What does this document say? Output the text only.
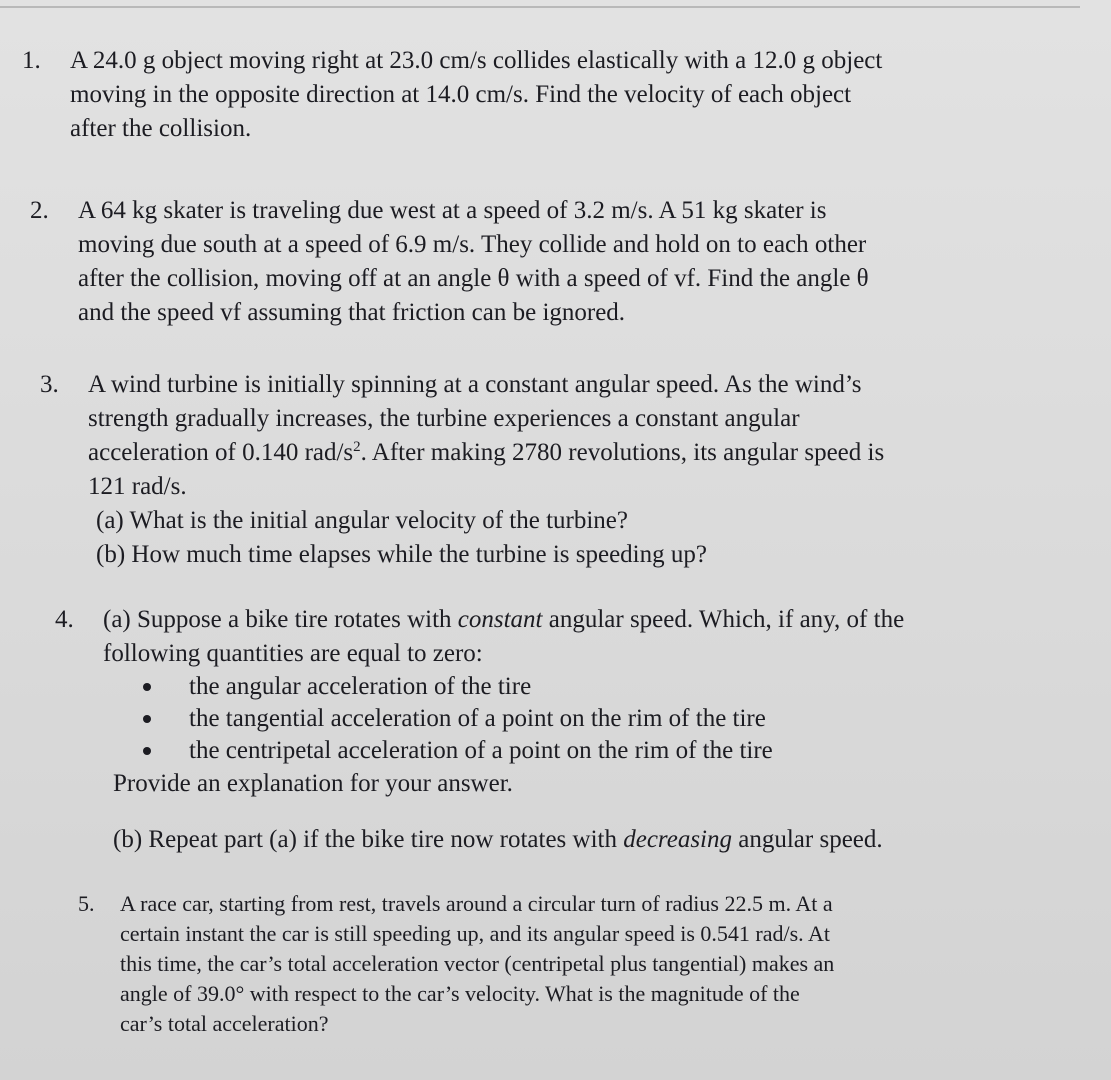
1. A 24.0 g object moving right at 23.0 cm/s collides elastically with a 12.0 g object
moving in the opposite direction at 14.0 cm/s. Find the velocity of each object
after the collision.
2. A 64 kg skater is traveling due west at a speed of 3.2 m/s. A 51 kg skater is
moving due south at a speed of 6.9 m/s. They collide and hold on to each other
after the collision, moving off at an angle θ with a speed of vf. Find the angle θ
and the speed vf assuming that friction can be ignored.
3. A wind turbine is initially spinning at a constant angular speed. As the wind’s
strength gradually increases, the turbine experiences a constant angular
acceleration of 0.140 rad/$s^2$. After making 2780 revolutions, its angular speed is
121 rad/s.
(a) What is the initial angular velocity of the turbine?
(b) How much time elapses while the turbine is speeding up?
4. (a) Suppose a bike tire rotates with constant angular speed. Which, if any, of the
following quantities are equal to zero:
the angular acceleration of the tire
the tangential acceleration of a point on the rim of the tire
the centripetal acceleration of a point on the rim of the tire
Provide an explanation for your answer.
(b) Repeat part (a) if the bike tire now rotates with decreasing angular speed.
5. A race car, starting from rest, travels around a circular turn of radius 22.5 m. At a
certain instant the car is still speeding up, and its angular speed is 0.541 rad/s. At
this time, the car’s total acceleration vector (centripetal plus tangential) makes an
angle of 39.0° with respect to the car’s velocity. What is the magnitude of the
car’s total acceleration?
